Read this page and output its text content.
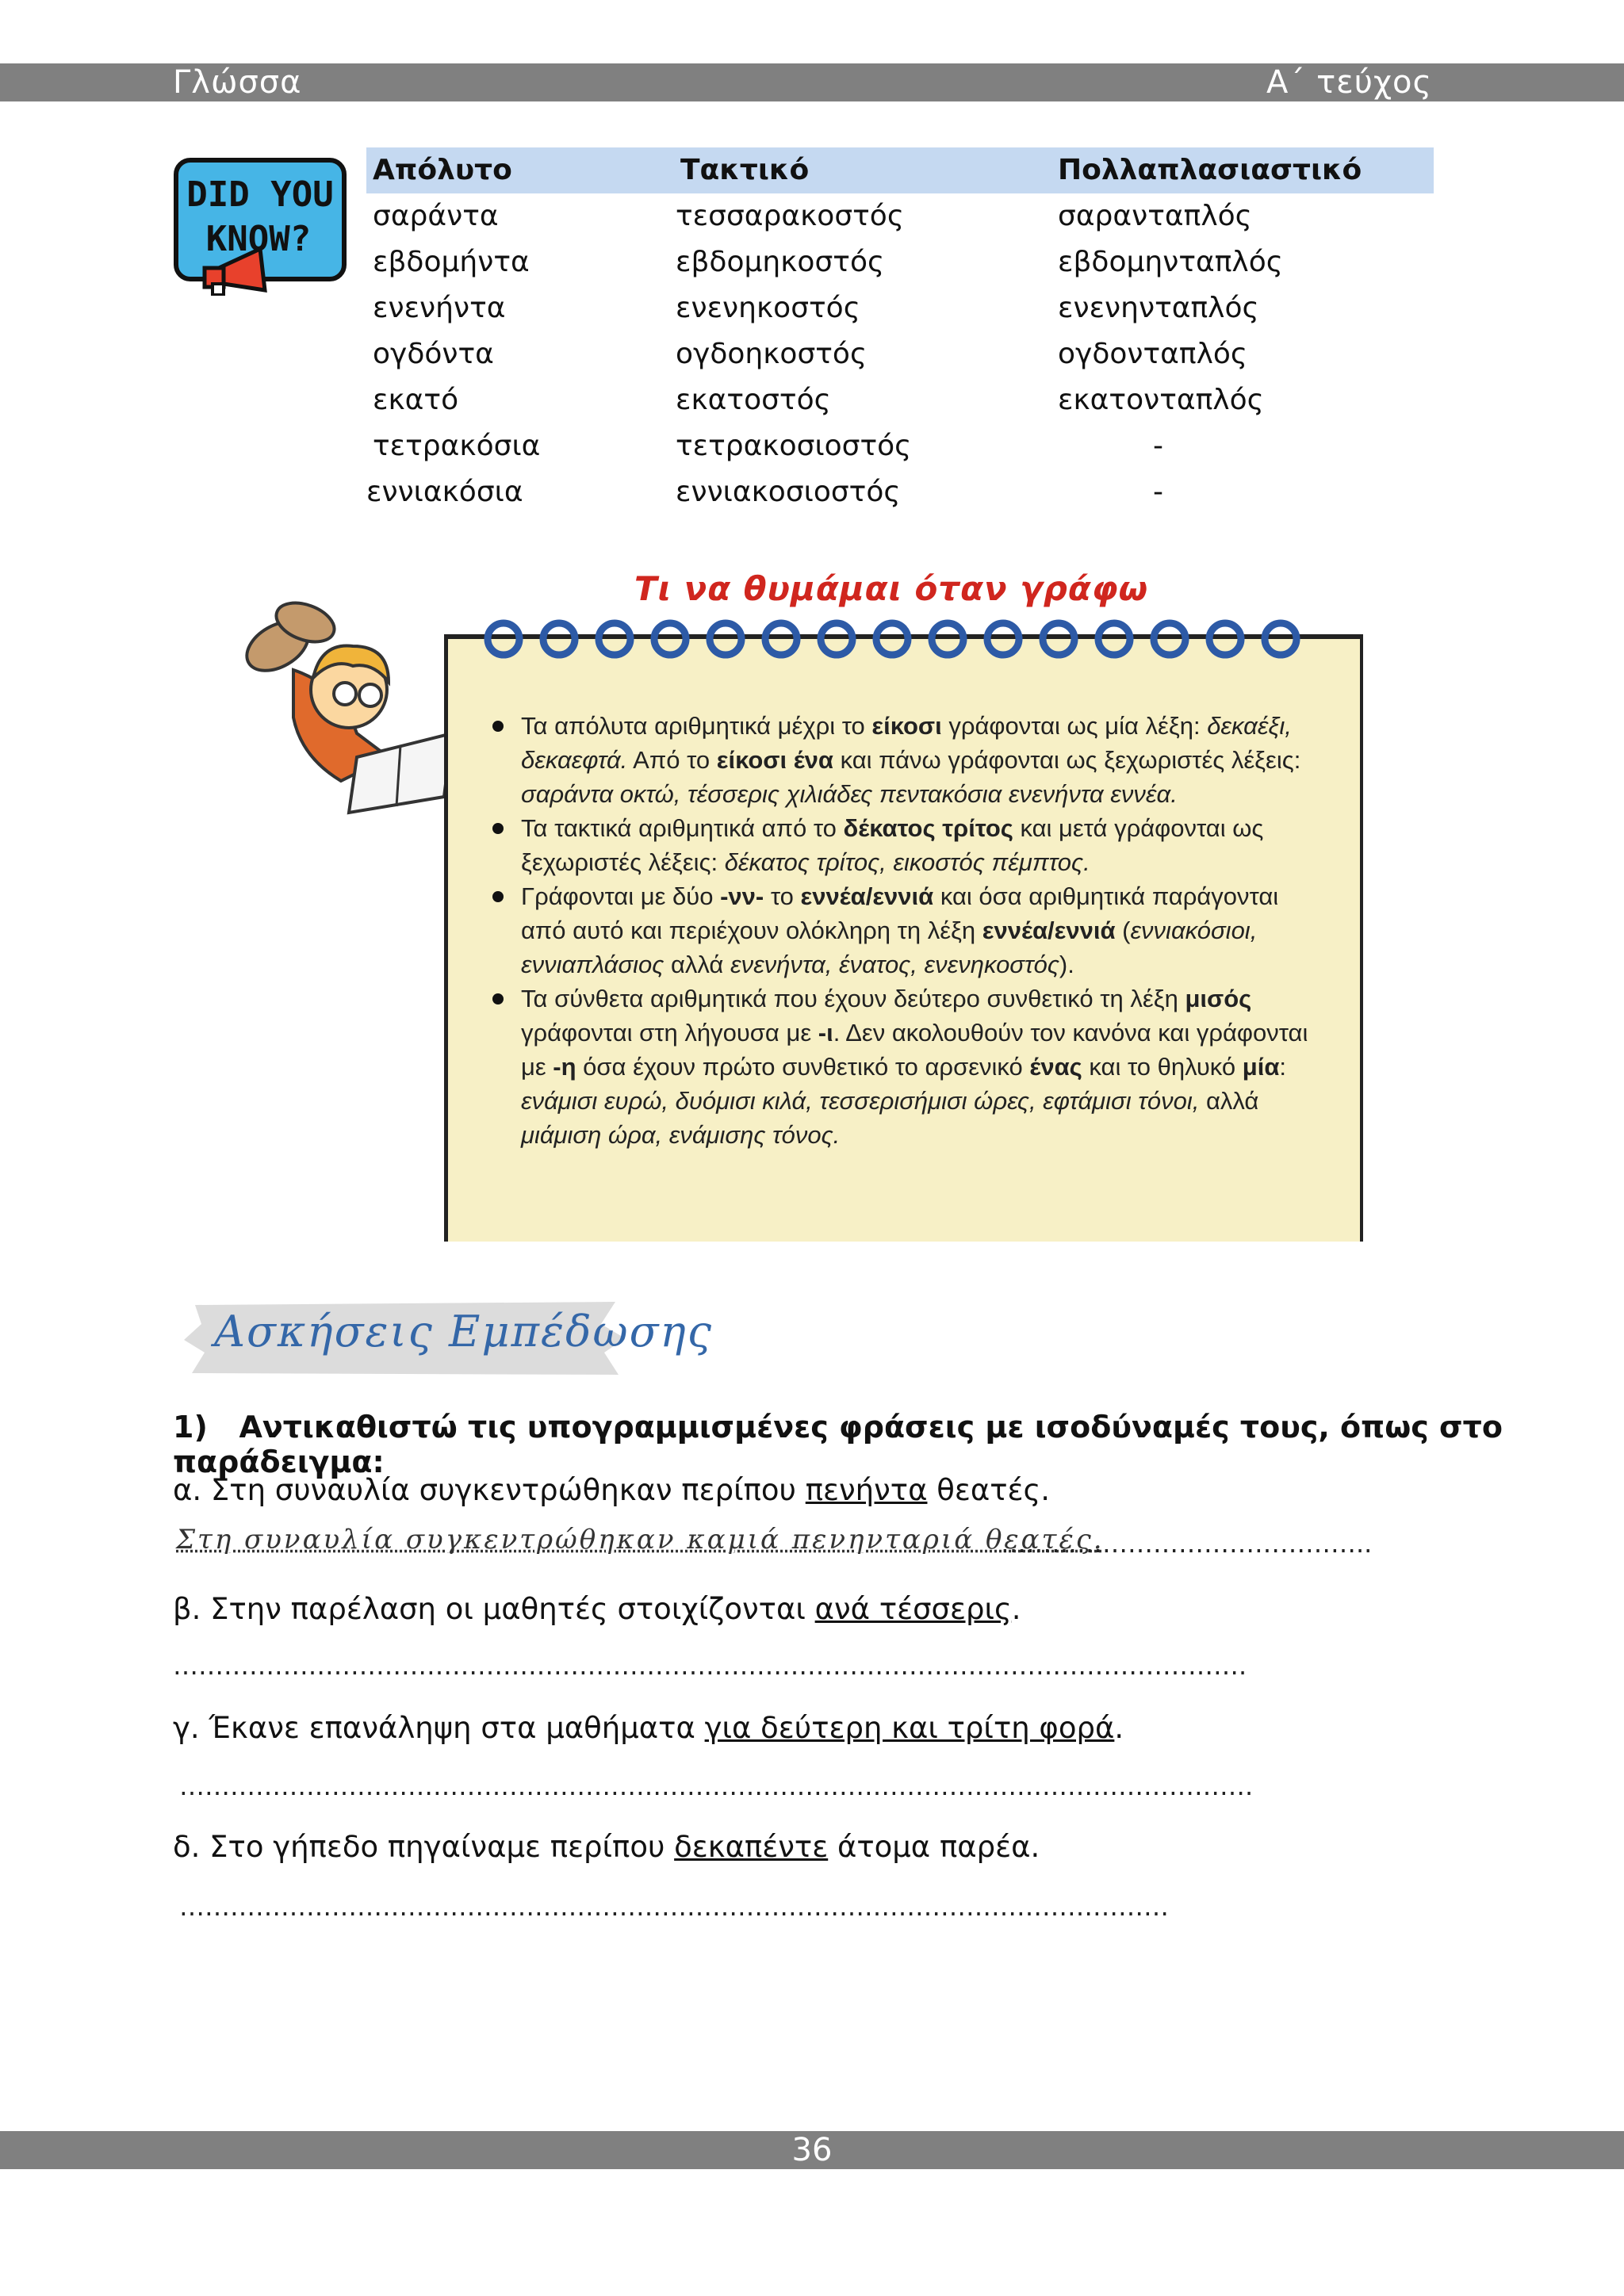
Γλώσσα	Α΄ τεύχος
DID YOU
KNOW?
Απόλυτο	Τακτικό	Πολλαπλασιαστικό
σαράντα	τεσσαρακοστός	σαρανταπλός
εβδομήντα	εβδομηκοστός	εβδομηνταπλός
ενενήντα	ενενηκοστός	ενενηνταπλός
ογδόντα	ογδοηκοστός	ογδονταπλός
εκατό	εκατοστός	εκατονταπλός
τετρακόσια	τετρακοσιοστός	-
εννιακόσια	εννιακοσιοστός	-
Τι να θυμάμαι όταν γράφω
Τα απόλυτα αριθμητικά μέχρι το είκοσι γράφονται ως μία λέξη: δεκαέξι, δεκαεφτά. Από το είκοσι ένα και πάνω γράφονται ως ξεχωριστές λέξεις: σαράντα οκτώ, τέσσερις χιλιάδες πεντακόσια ενενήντα εννέα.
Τα τακτικά αριθμητικά από το δέκατος τρίτος και μετά γράφονται ως ξεχωριστές λέξεις: δέκατος τρίτος, εικοστός πέμπτος.
Γράφονται με δύο -νν- το εννέα/εννιά και όσα αριθμητικά παράγονται από αυτό και περιέχουν ολόκληρη τη λέξη εννέα/εννιά (εννιακόσιοι, εννιαπλάσιος αλλά ενενήντα, ένατος, ενενηκοστός).
Τα σύνθετα αριθμητικά που έχουν δεύτερο συνθετικό τη λέξη μισός γράφονται στη λήγουσα με -ι. Δεν ακολουθούν τον κανόνα και γράφονται με -η όσα έχουν πρώτο συνθετικό το αρσενικό ένας και το θηλυκό μία: ενάμισι ευρώ, δυόμισι κιλά, τεσσερισήμισι ώρες, εφτάμισι τόνοι, αλλά μιάμιση ώρα, ενάμισης τόνος.
Ασκήσεις Εμπέδωσης
1)   Αντικαθιστώ τις υπογραμμισμένες φράσεις με ισοδύναμές τους, όπως στο παράδειγμα:
α. Στη συναυλία συγκεντρώθηκαν περίπου πενήντα θεατές.
Στη συναυλία συγκεντρώθηκαν καμιά πενηνταριά θεατές.
……………………………………..
β. Στην παρέλαση οι μαθητές στοιχίζονται ανά τέσσερις.
……………………………………………………………………………………………………………….
γ. Έκανε επανάληψη στα μαθήματα για δεύτερη και τρίτη φορά.
……………………………………………………………………………………………………………….
δ. Στο γήπεδο πηγαίναμε περίπου δεκαπέντε άτομα παρέα.
………………………………………………………………………………………………………
36
